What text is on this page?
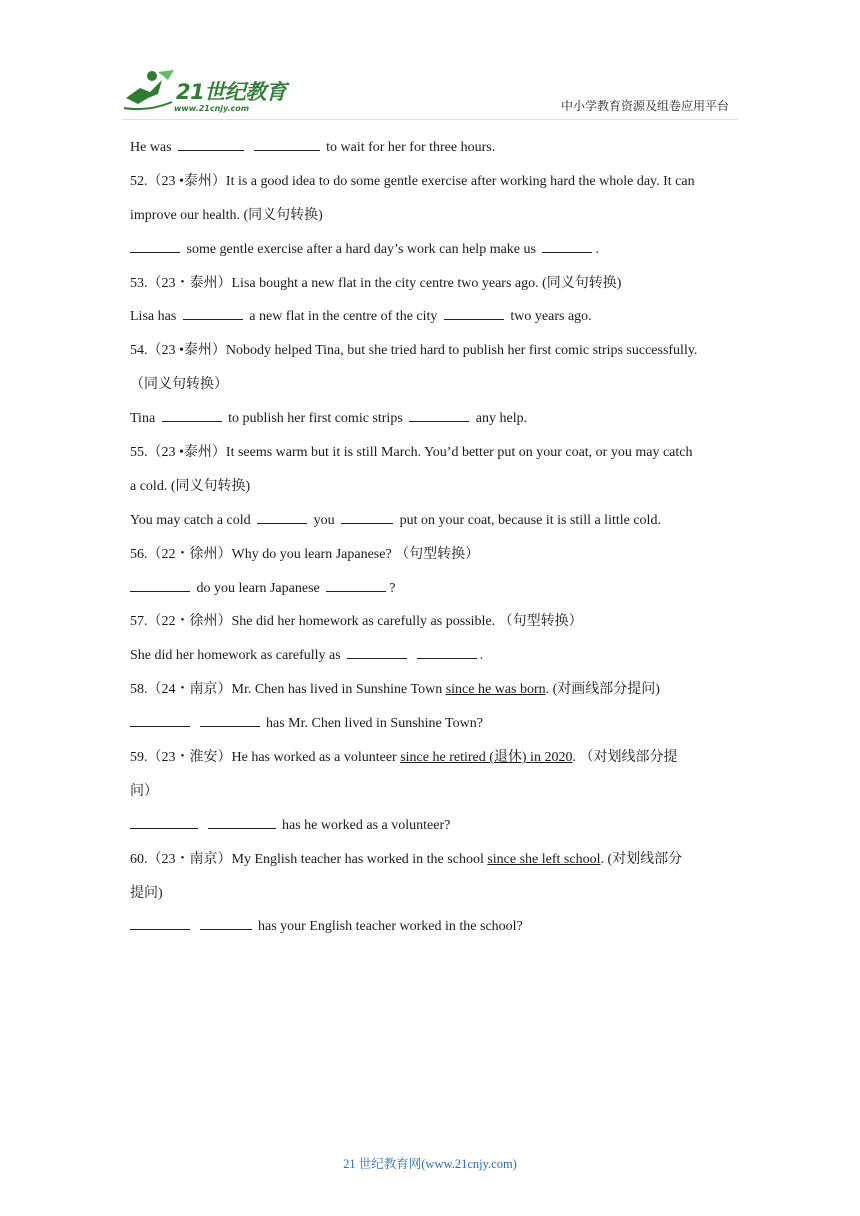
21世纪教育
www.21cnjy.com	中小学教育资源及组卷应用平台
He was	to wait for her for three hours.
52.（23 •泰州）It is a good idea to do some gentle exercise after working hard the whole day. It can
improve our health. (同义句转换)
some gentle exercise after a hard day’s work can help make us	.
53.（23・泰州）Lisa bought a new flat in the city centre two years ago. (同义句转换)
Lisa has	a new flat in the centre of the city	two years ago.
54.（23 •泰州）Nobody helped Tina, but she tried hard to publish her first comic strips successfully.
（同义句转换）
Tina	to publish her first comic strips	any help.
55.（23 •泰州）It seems warm but it is still March. You’d better put on your coat, or you may catch
a cold. (同义句转换)
You may catch a cold	you	put on your coat, because it is still a little cold.
56.（22・徐州）Why do you learn Japanese? （句型转换）
do you learn Japanese	?
57.（22・徐州）She did her homework as carefully as possible. （句型转换）
She did her homework as carefully as	.
58.（24・南京）Mr. Chen has lived in Sunshine Town since he was born. (对画线部分提问)
has Mr. Chen lived in Sunshine Town?
59.（23・淮安）He has worked as a volunteer since he retired (退休) in 2020. （对划线部分提
问）
has he worked as a volunteer?
60.（23・南京）My English teacher has worked in the school since she left school. (对划线部分
提问)
has your English teacher worked in the school?
21 世纪教育网(www.21cnjy.com)
